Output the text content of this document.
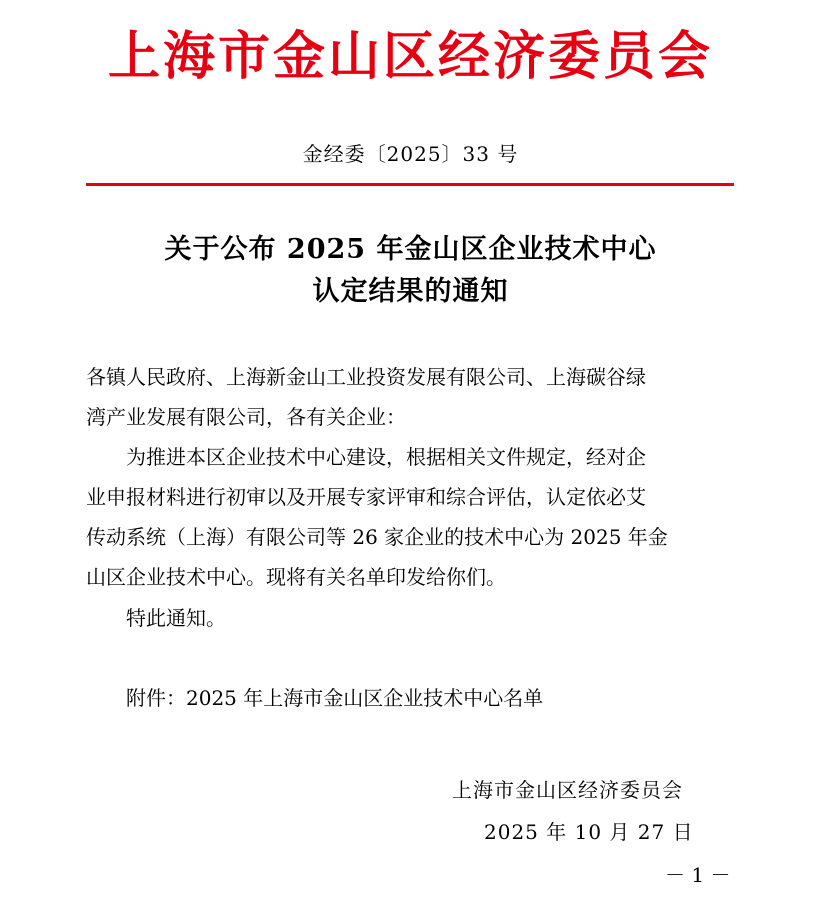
上海市金山区经济委员会
金经委〔2025〕33 号
关于公布 2025 年金山区企业技术中心
认定结果的通知
各镇人民政府、上海新金山工业投资发展有限公司、上海碳谷绿
湾产业发展有限公司，各有关企业：
为推进本区企业技术中心建设，根据相关文件规定，经对企
业申报材料进行初审以及开展专家评审和综合评估，认定依必艾
传动系统（上海）有限公司等 26 家企业的技术中心为 2025 年金
山区企业技术中心。现将有关名单印发给你们。
特此通知。
附件：2025 年上海市金山区企业技术中心名单
上海市金山区经济委员会
2025 年 10 月 27 日
－ 1 －
